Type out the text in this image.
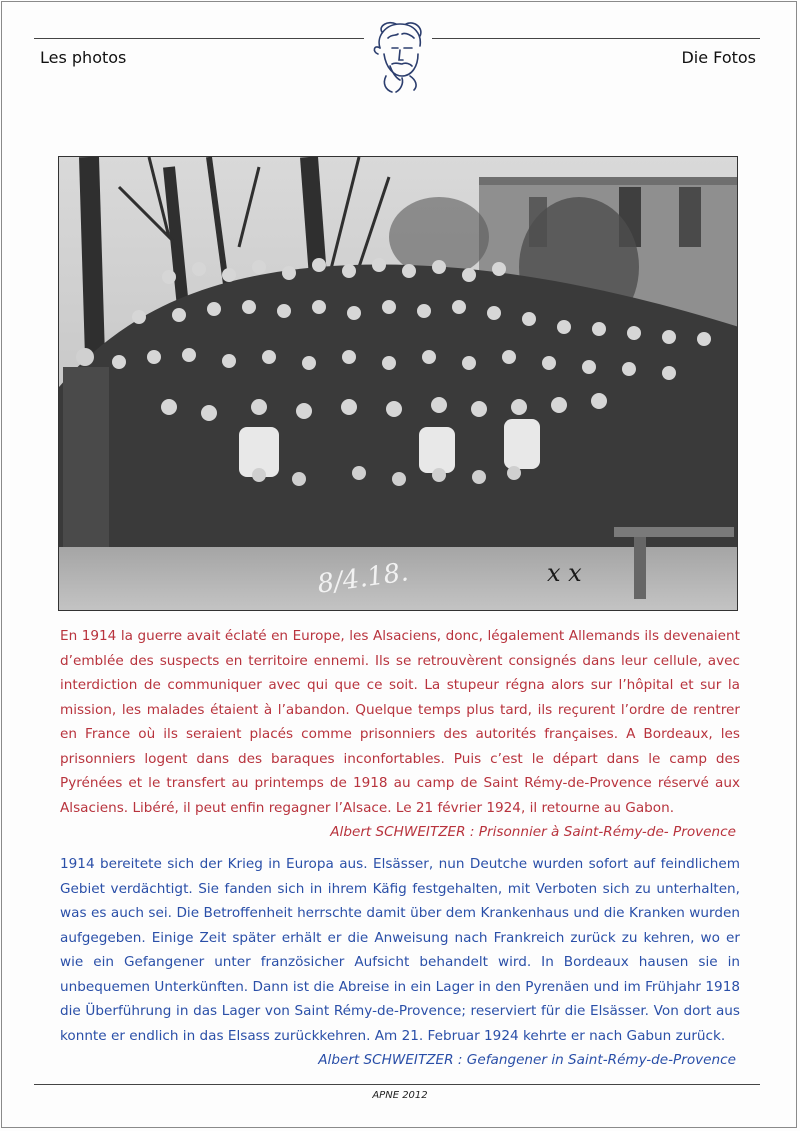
Les photos	Die Fotos
8/4.18.	x x

En 1914 la guerre avait éclaté en Europe, les Alsaciens, donc, légalement Allemands ils devenaient d’emblée des suspects en territoire ennemi. Ils se retrouvèrent consignés dans leur cellule, avec interdiction de communiquer avec qui que ce soit. La stupeur régna alors sur l’hôpital et sur la mission, les malades étaient à l’abandon. Quelque temps plus tard, ils reçurent l’ordre de rentrer en France où ils seraient placés comme prisonniers des autorités françaises. A Bordeaux, les prisonniers logent dans des baraques inconfortables. Puis c’est le départ dans le camp des Pyrénées et le transfert au printemps de 1918 au camp de Saint Rémy-de-Provence réservé aux Alsaciens. Libéré, il peut enfin regagner l’Alsace. Le 21 février 1924, il retourne au Gabon.

Albert SCHWEITZER : Prisonnier à Saint-Rémy-de- Provence

1914 bereitete sich der Krieg in Europa aus. Elsässer, nun Deutche wurden sofort auf feindlichem Gebiet verdächtigt. Sie fanden sich in ihrem Käfig festgehalten, mit Verboten sich zu unterhalten, was es auch sei. Die Betroffenheit herrschte damit über dem Krankenhaus und die Kranken wurden aufgegeben. Einige Zeit später erhält er die Anweisung nach Frankreich zurück zu kehren, wo er wie ein Gefangener unter französicher Aufsicht behandelt wird. In Bordeaux hausen sie in unbequemen Unterkünften. Dann ist die Abreise in ein Lager in den Pyrenäen und im Frühjahr 1918 die Überführung in das Lager von Saint Rémy-de-Provence; reserviert für die Elsässer. Von dort aus konnte er endlich in das Elsass zurückkehren. Am 21. Februar 1924 kehrte er nach Gabun zurück.

Albert SCHWEITZER : Gefangener in Saint-Rémy-de-Provence

APNE 2012
